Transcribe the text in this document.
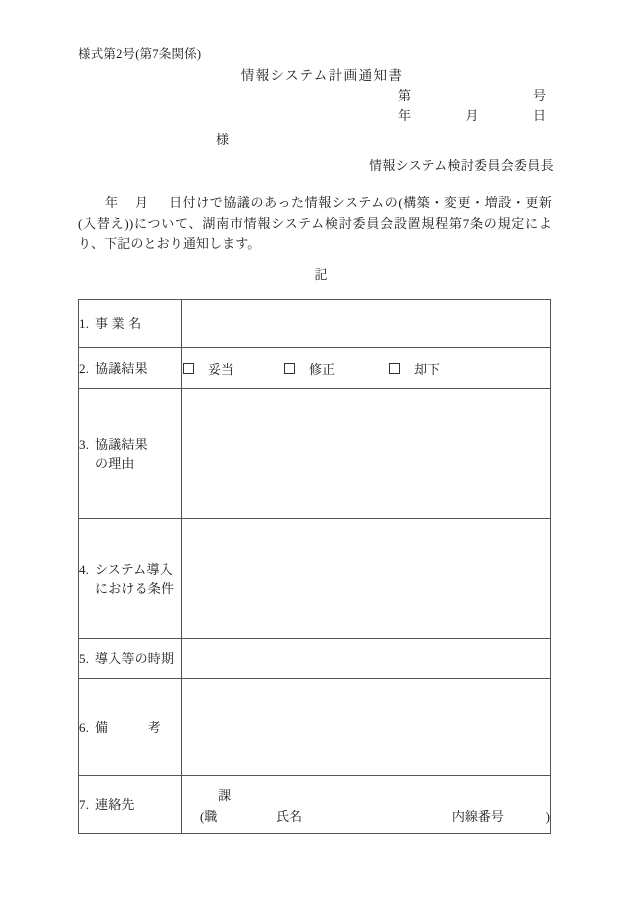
様式第2号(第7条関係)
情報システム計画通知書
第	号
年	月	日
様
情報システム検討委員会委員長
年 月 日付けで協議のあった情報システムの(構築・変更・増設・更新(入替え))について、湖南市情報システム検討委員会設置規程第7条の規定により、下記のとおり通知します。
記
1. 事 業 名	
2. 協議結果	妥当 修正 却下

3. 協議結果
の理由	

4. システム導入
における条件	

5. 導入等の時期	
6. 備　　　考	
7. 連絡先	課
(職 氏名 内線番号 )
